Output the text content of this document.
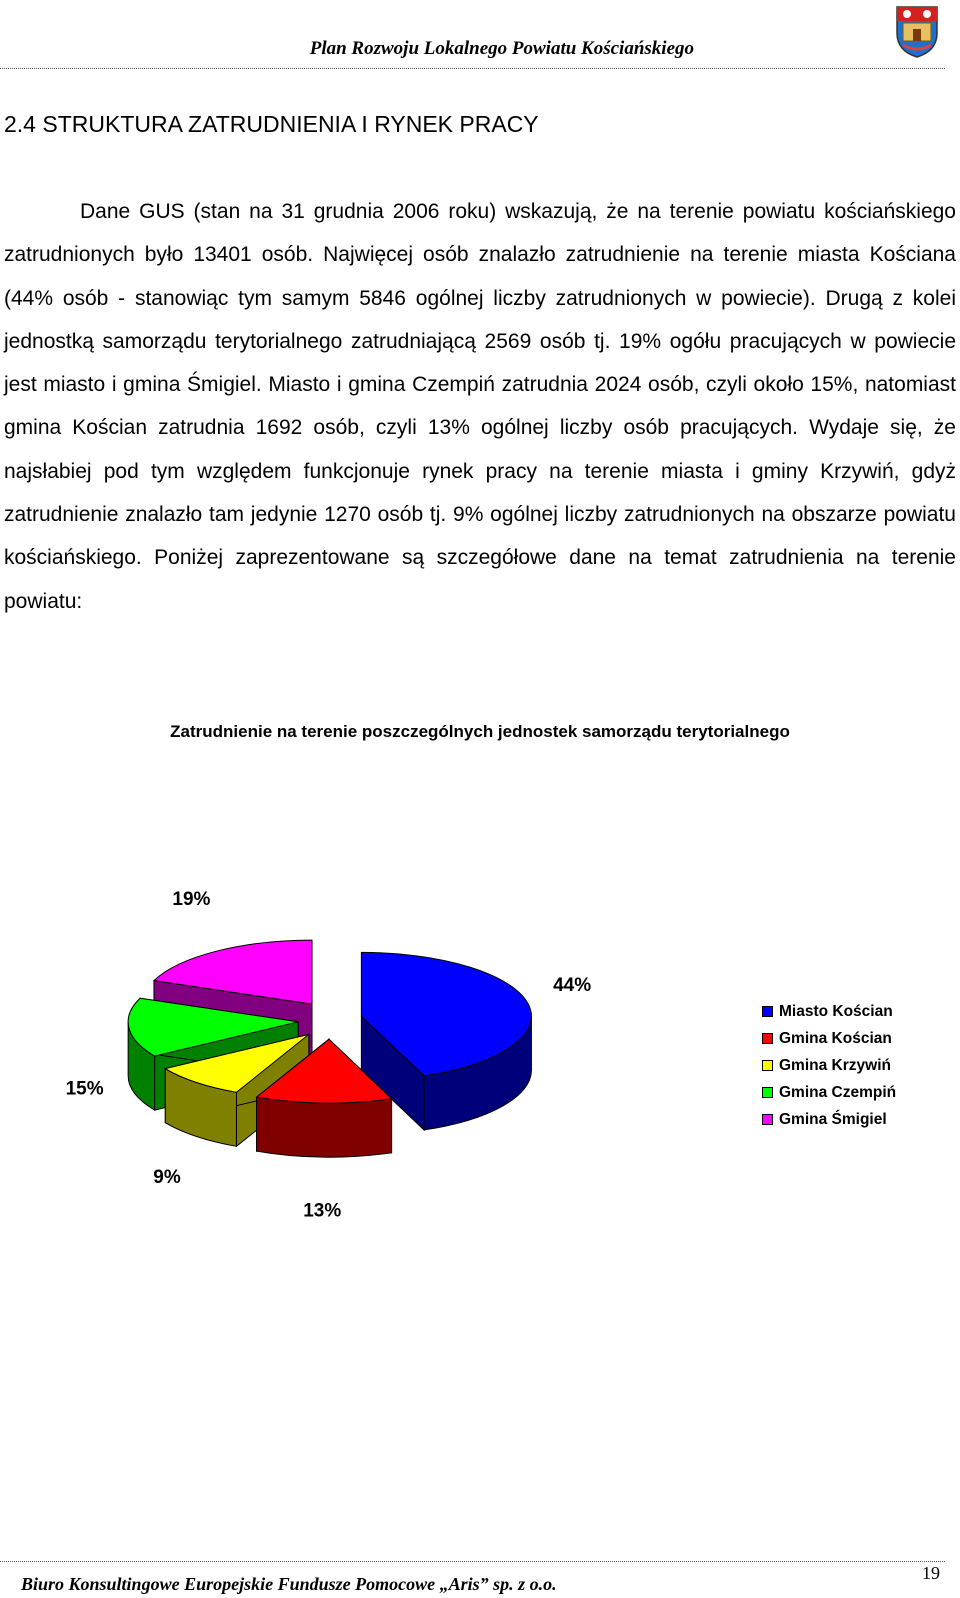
Plan Rozwoju Lokalnego Powiatu Kościańskiego
2.4 STRUKTURA ZATRUDNIENIA I RYNEK PRACY

Dane GUS (stan na 31 grudnia 2006 roku) wskazują, że na terenie powiatu kościańskiego zatrudnionych było 13401 osób. Najwięcej osób znalazło zatrudnienie na terenie miasta Kościana (44% osób - stanowiąc tym samym 5846 ogólnej liczby zatrudnionych w powiecie). Drugą z kolei jednostką samorządu terytorialnego zatrudniającą 2569 osób tj. 19% ogółu pracujących w powiecie jest miasto i gmina Śmigiel. Miasto i gmina Czempiń zatrudnia 2024 osób, czyli około 15%, natomiast gmina Kościan zatrudnia 1692 osób, czyli 13% ogólnej liczby osób pracujących. Wydaje się, że najsłabiej pod tym względem funkcjonuje rynek pracy na terenie miasta i gminy Krzywiń, gdyż zatrudnienie znalazło tam jedynie 1270 osób tj. 9% ogólnej liczby zatrudnionych na obszarze powiatu kościańskiego. Poniżej zaprezentowane są szczegółowe dane na temat zatrudnienia na terenie powiatu:

Zatrudnienie na terenie poszczególnych jednostek samorządu terytorialnego
44%
13%
9%
15%
19%
Miasto Kościan
Gmina Kościan
Gmina Krzywiń
Gmina Czempiń
Gmina Śmigiel
Biuro Konsultingowe Europejskie Fundusze Pomocowe „Aris” sp. z o.o.
19
